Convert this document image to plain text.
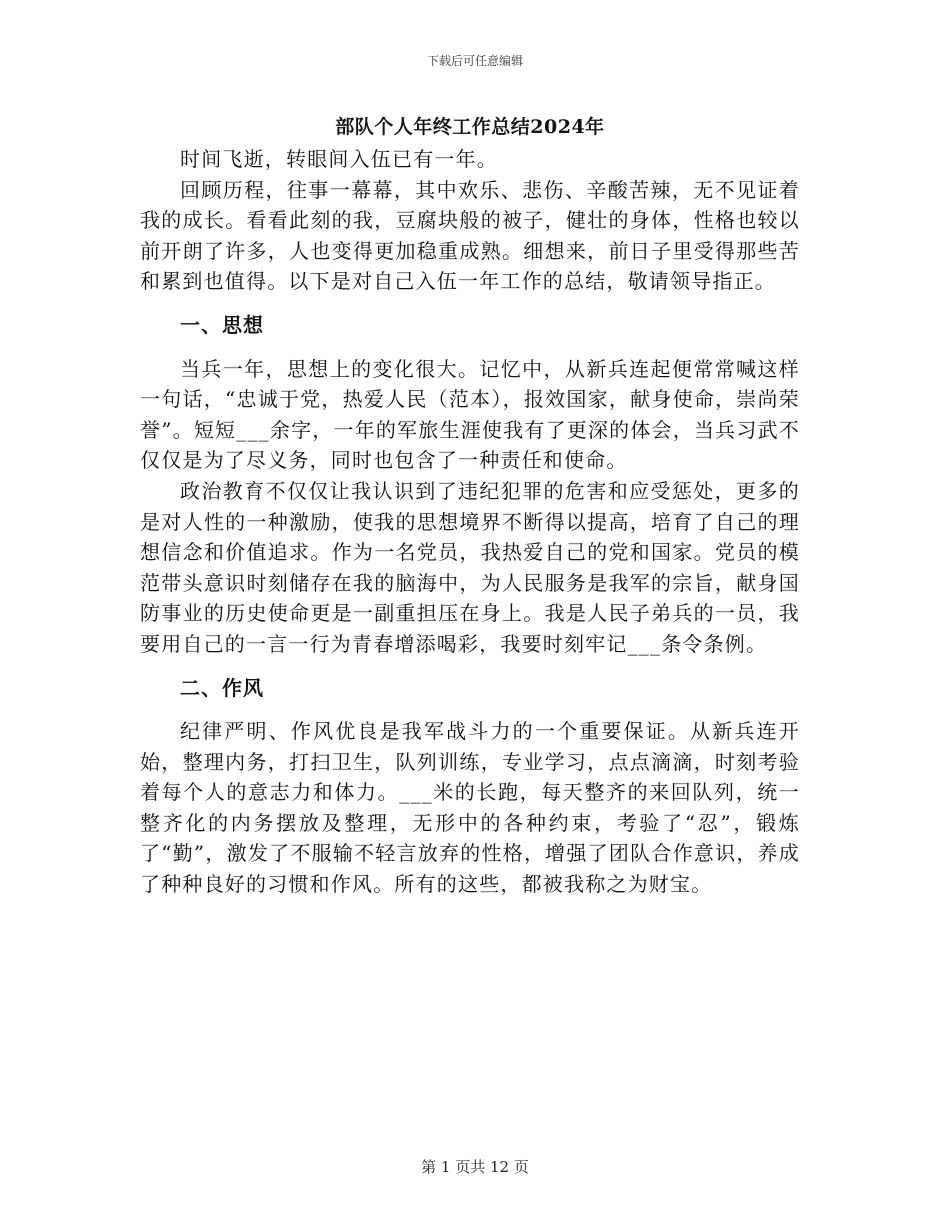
下载后可任意编辑
部队个人年终工作总结2024年

时间飞逝，转眼间入伍已有一年。

回顾历程，往事一幕幕，其中欢乐、悲伤、辛酸苦辣，无不见证着我的成长。看看此刻的我，豆腐块般的被子，健壮的身体，性格也较以前开朗了许多，人也变得更加稳重成熟。细想来，前日子里受得那些苦和累到也值得。以下是对自己入伍一年工作的总结，敬请领导指正。

一、思想

当兵一年，思想上的变化很大。记忆中，从新兵连起便常常喊这样一句话，“忠诚于党，热爱人民（范本），报效国家，献身使命，崇尚荣誉”。短短___余字，一年的军旅生涯使我有了更深的体会，当兵习武不仅仅是为了尽义务，同时也包含了一种责任和使命。

政治教育不仅仅让我认识到了违纪犯罪的危害和应受惩处，更多的是对人性的一种激励，使我的思想境界不断得以提高，培育了自己的理想信念和价值追求。作为一名党员，我热爱自己的党和国家。党员的模范带头意识时刻储存在我的脑海中，为人民服务是我军的宗旨，献身国防事业的历史使命更是一副重担压在身上。我是人民子弟兵的一员，我要用自己的一言一行为青春增添喝彩，我要时刻牢记___条令条例。

二、作风

纪律严明、作风优良是我军战斗力的一个重要保证。从新兵连开始，整理内务，打扫卫生，队列训练，专业学习，点点滴滴，时刻考验着每个人的意志力和体力。___米的长跑，每天整齐的来回队列，统一整齐化的内务摆放及整理，无形中的各种约束，考验了“忍”，锻炼了“勤”，激发了不服输不轻言放弃的性格，增强了团队合作意识，养成了种种良好的习惯和作风。所有的这些，都被我称之为财宝。

第 1 页共 12 页
